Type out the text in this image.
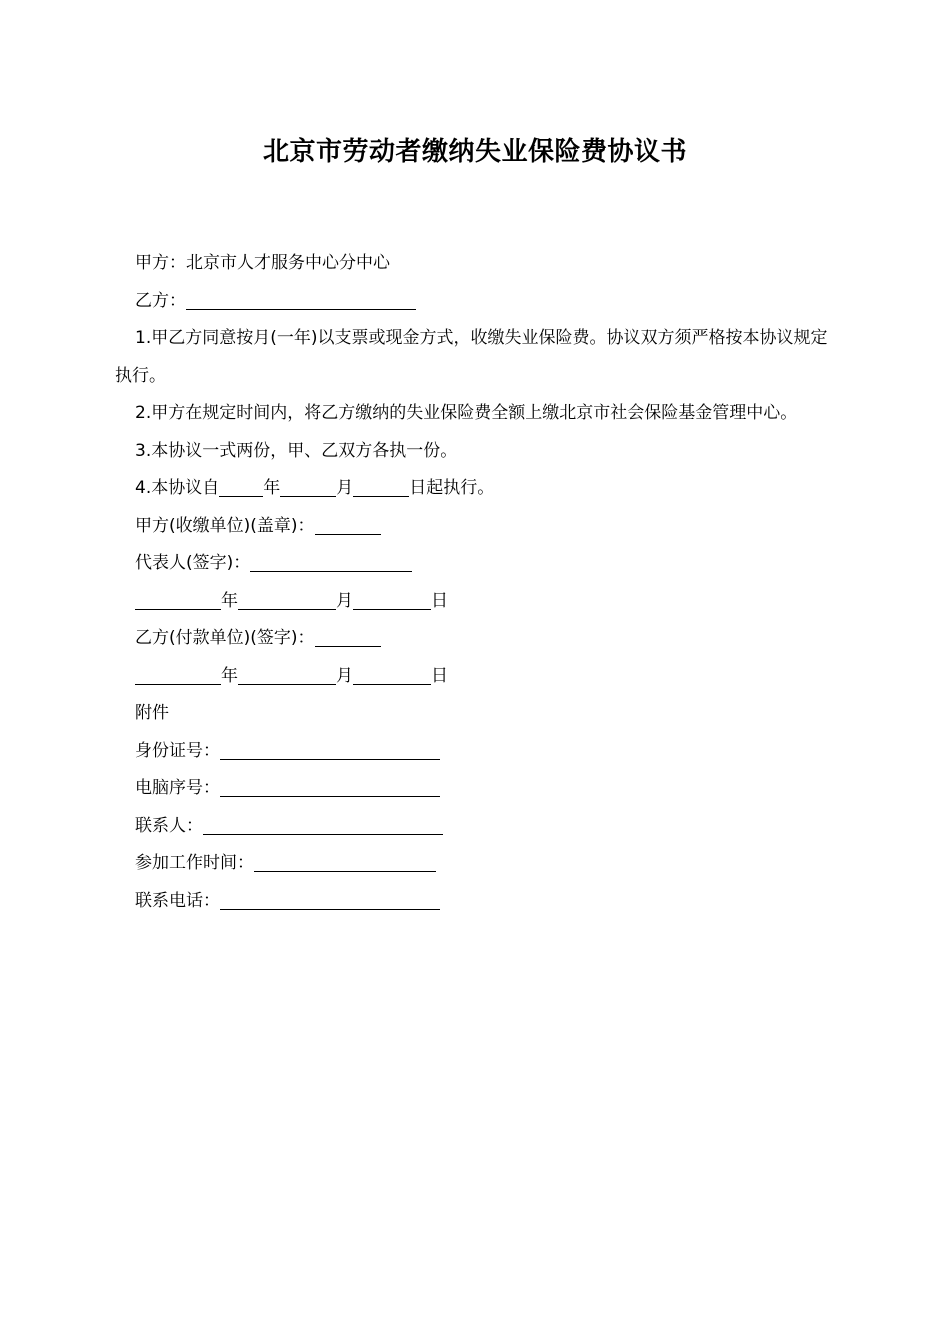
北京市劳动者缴纳失业保险费协议书
甲方：北京市人才服务中心分中心
乙方：

1.甲乙方同意按月(一年)以支票或现金方式，收缴失业保险费。协议双方须严格按本协议规定执行。

2.甲方在规定时间内，将乙方缴纳的失业保险费全额上缴北京市社会保险基金管理中心。

3.本协议一式两份，甲、乙双方各执一份。
4.本协议自	年	月	日起执行。
甲方(收缴单位)(盖章)：
代表人(签字)：
年	月	日
乙方(付款单位)(签字)：
年	月	日
附件
身份证号：
电脑序号：
联系人：
参加工作时间：
联系电话：
